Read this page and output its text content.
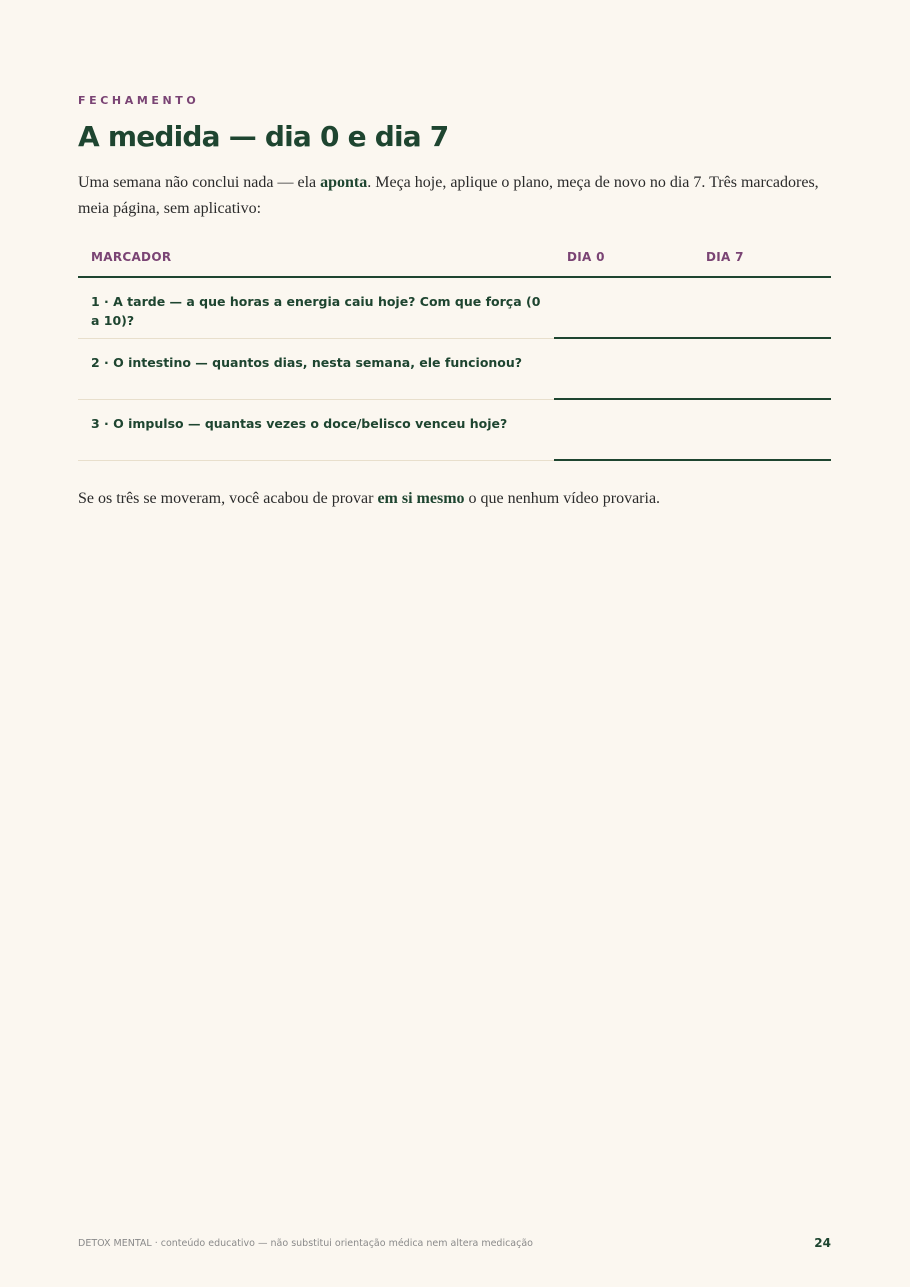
FECHAMENTO
A medida — dia 0 e dia 7

Uma semana não conclui nada — ela aponta. Meça hoje, aplique o plano, meça de novo no dia 7. Três marcadores, meia página, sem aplicativo:

MARCADOR	DIA 0	DIA 7
1 · A tarde — a que horas a energia caiu hoje? Com que força (0 a 10)?
2 · O intestino — quantos dias, nesta semana, ele funcionou?
3 · O impulso — quantas vezes o doce/belisco venceu hoje?

Se os três se moveram, você acabou de provar em si mesmo o que nenhum vídeo provaria.

DETOX MENTAL · conteúdo educativo — não substitui orientação médica nem altera medicação	24
